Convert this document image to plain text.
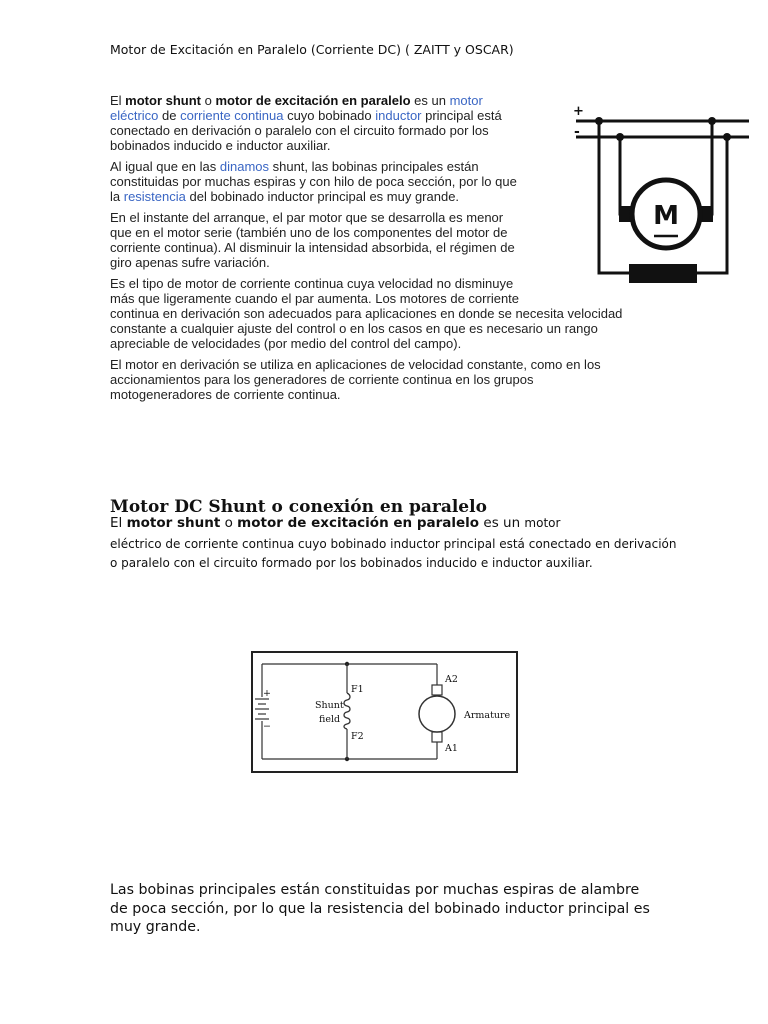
Motor de Excitación en Paralelo (Corriente DC) ( ZAITT y OSCAR)
El motor shunt o motor de excitación en paralelo es un motor
eléctrico de corriente continua cuyo bobinado inductor principal está
conectado en derivación o paralelo con el circuito formado por los
bobinados inducido e inductor auxiliar.
Al igual que en las dinamos shunt, las bobinas principales están
constituidas por muchas espiras y con hilo de poca sección, por lo que
la resistencia del bobinado inductor principal es muy grande.
En el instante del arranque, el par motor que se desarrolla es menor
que en el motor serie (también uno de los componentes del motor de
corriente continua). Al disminuir la intensidad absorbida, el régimen de
giro apenas sufre variación.
Es el tipo de motor de corriente continua cuya velocidad no disminuye
más que ligeramente cuando el par aumenta. Los motores de corriente
continua en derivación son adecuados para aplicaciones en donde se necesita velocidad
constante a cualquier ajuste del control o en los casos en que es necesario un rango
apreciable de velocidades (por medio del control del campo).
El motor en derivación se utiliza en aplicaciones de velocidad constante, como en los
accionamientos para los generadores de corriente continua en los grupos
motogeneradores de corriente continua.
+
-
M
Motor DC Shunt o conexión en paralelo
El motor shunt o motor de excitación en paralelo es un motor
eléctrico de corriente continua cuyo bobinado inductor principal está conectado en derivación
o paralelo con el circuito formado por los bobinados inducido e inductor auxiliar.
+
−
F1
F2
Shunt
field
A2
A1
Armature
Las bobinas principales están constituidas por muchas espiras de alambre
de poca sección, por lo que la resistencia del bobinado inductor principal es
muy grande.
